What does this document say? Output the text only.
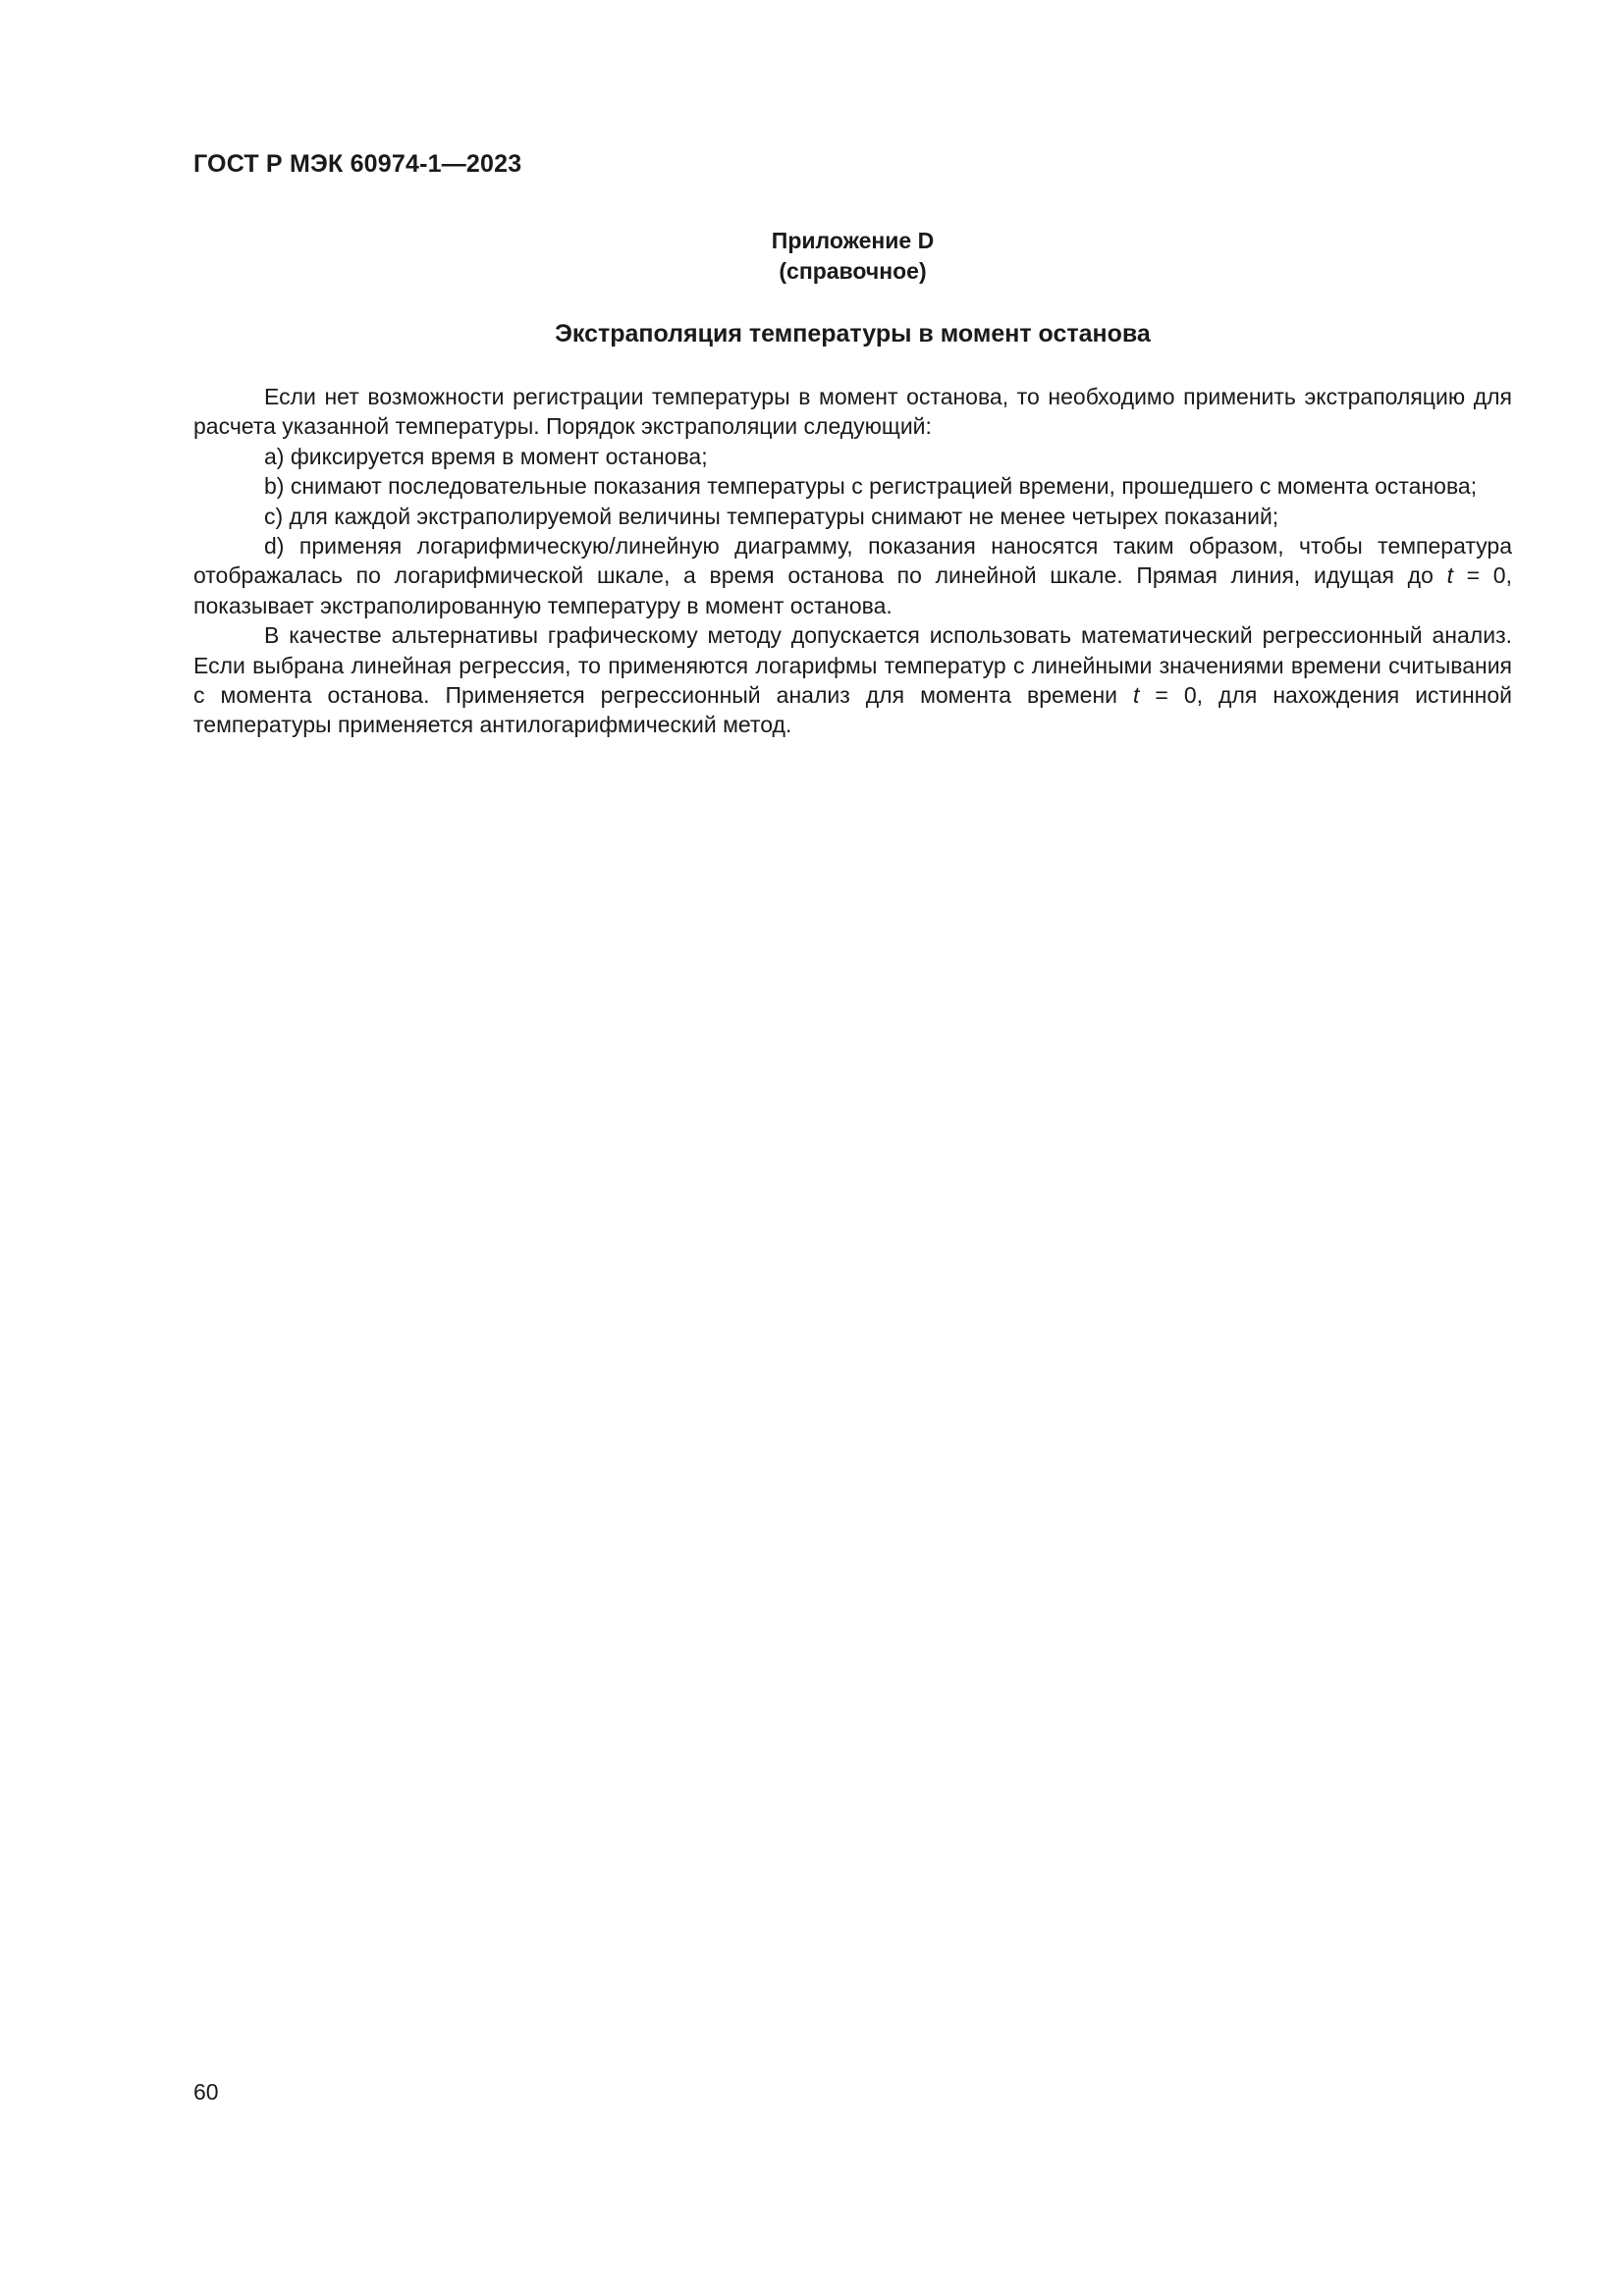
ГОСТ Р МЭК 60974-1—2023
Приложение D
(справочное)
Экстраполяция температуры в момент останова

Если нет возможности регистрации температуры в момент останова, то необходимо применить экстраполяцию для расчета указанной температуры. Порядок экстраполяции следующий:

a) фиксируется время в момент останова;

b) снимают последовательные показания температуры с регистрацией времени, прошедшего с момента останова;

c) для каждой экстраполируемой величины температуры снимают не менее четырех показаний;

d) применяя логарифмическую/линейную диаграмму, показания наносятся таким образом, чтобы температура отображалась по логарифмической шкале, а время останова по линейной шкале. Прямая линия, идущая до t = 0, показывает экстраполированную температуру в момент останова.

В качестве альтернативы графическому методу допускается использовать математический регрессионный анализ. Если выбрана линейная регрессия, то применяются логарифмы температур с линейными значениями времени считывания с момента останова. Применяется регрессионный анализ для момента времени t = 0, для нахождения истинной температуры применяется антилогарифмический метод.

60
